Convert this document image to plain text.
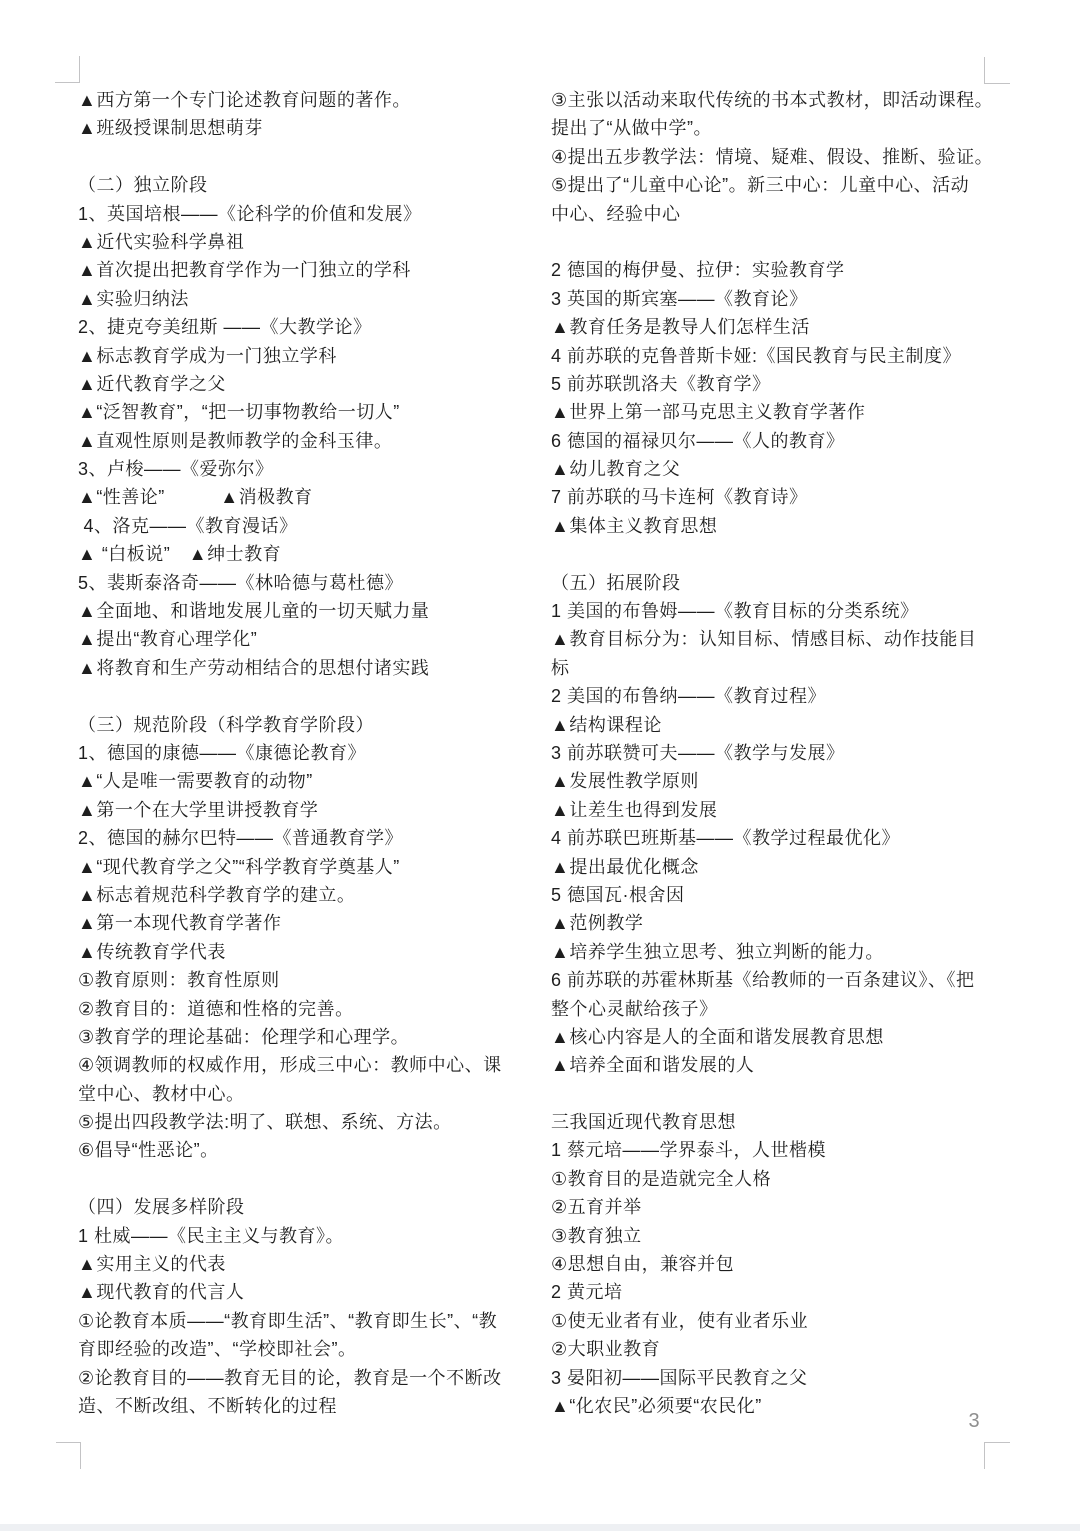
▲西方第一个专门论述教育问题的著作。
▲班级授课制思想萌芽

（二）独立阶段
1、英国培根——《论科学的价值和发展》
▲近代实验科学鼻祖
▲首次提出把教育学作为一门独立的学科
▲实验归纳法
2、捷克夸美纽斯 ——《大教学论》
▲标志教育学成为一门独立学科
▲近代教育学之父
▲“泛智教育”，“把一切事物教给一切人”
▲直观性原则是教师教学的金科玉律。
3、卢梭——《爱弥尔》
▲“性善论”　　　▲消极教育
4、洛克——《教育漫话》
▲ “白板说”　▲绅士教育
5、裴斯泰洛奇——《林哈德与葛杜德》
▲全面地、和谐地发展儿童的一切天赋力量
▲提出“教育心理学化”
▲将教育和生产劳动相结合的思想付诸实践

（三）规范阶段（科学教育学阶段）
1、德国的康德——《康德论教育》
▲“人是唯一需要教育的动物”
▲第一个在大学里讲授教育学
2、德国的赫尔巴特——《普通教育学》
▲“现代教育学之父”“科学教育学奠基人”
▲标志着规范科学教育学的建立。
▲第一本现代教育学著作
▲传统教育学代表
①教育原则：教育性原则
②教育目的：道德和性格的完善。
③教育学的理论基础：伦理学和心理学。
④领调教师的权威作用，形成三中心：教师中心、课
堂中心、教材中心。
⑤提出四段教学法:明了、联想、系统、方法。
⑥倡导“性恶论”。

（四）发展多样阶段
1 杜威——《民主主义与教育》。
▲实用主义的代表
▲现代教育的代言人
①论教育本质——“教育即生活”、“教育即生长”、“教
育即经验的改造”、“学校即社会”。
②论教育目的——教育无目的论，教育是一个不断改
造、不断改组、不断转化的过程
③主张以活动来取代传统的书本式教材，即活动课程。
提出了“从做中学”。
④提出五步教学法：情境、疑难、假设、推断、验证。
⑤提出了“儿童中心论”。新三中心：儿童中心、活动
中心、经验中心

2 德国的梅伊曼、拉伊：实验教育学
3 英国的斯宾塞——《教育论》
▲教育任务是教导人们怎样生活
4 前苏联的克鲁普斯卡娅:《国民教育与民主制度》
5 前苏联凯洛夫《教育学》
▲世界上第一部马克思主义教育学著作
6 德国的福禄贝尔——《人的教育》
▲幼儿教育之父
7 前苏联的马卡连柯《教育诗》
▲集体主义教育思想

（五）拓展阶段
1 美国的布鲁姆——《教育目标的分类系统》
▲教育目标分为：认知目标、情感目标、动作技能目
标
2 美国的布鲁纳——《教育过程》
▲结构课程论
3 前苏联赞可夫——《教学与发展》
▲发展性教学原则
▲让差生也得到发展
4 前苏联巴班斯基——《教学过程最优化》
▲提出最优化概念
5 德国瓦·根舍因
▲范例教学
▲培养学生独立思考、独立判断的能力。
6 前苏联的苏霍林斯基《给教师的一百条建议》、《把
整个心灵献给孩子》
▲核心内容是人的全面和谐发展教育思想
▲培养全面和谐发展的人

三我国近现代教育思想
1 蔡元培——学界泰斗，人世楷模
①教育目的是造就完全人格
②五育并举
③教育独立
④思想自由，兼容并包
2 黄元培
①使无业者有业，使有业者乐业
②大职业教育
3 晏阳初——国际平民教育之父
▲“化农民”必须要“农民化”
3
